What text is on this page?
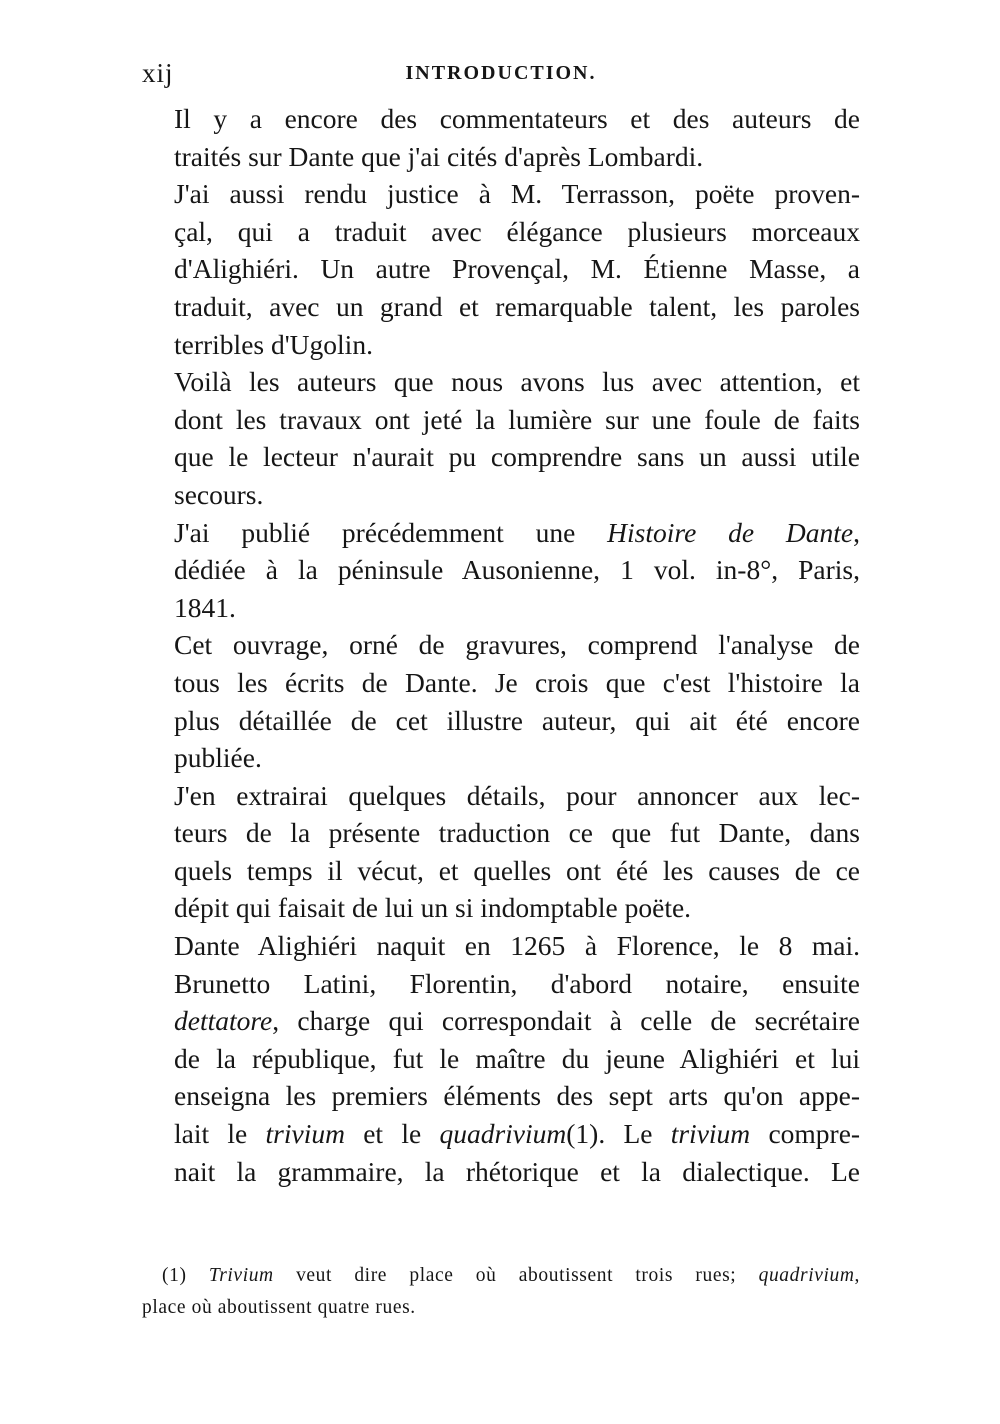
xij	INTRODUCTION.

Il y a encore des commentateurs et des auteurs de
traités sur Dante que j'ai cités d'après Lombardi.

J'ai aussi rendu justice à M. Terrasson, poëte proven-
çal, qui a traduit avec élégance plusieurs morceaux
d'Alighiéri. Un autre Provençal, M. Étienne Masse, a
traduit, avec un grand et remarquable talent, les paroles
terribles d'Ugolin.

Voilà les auteurs que nous avons lus avec attention, et
dont les travaux ont jeté la lumière sur une foule de faits
que le lecteur n'aurait pu comprendre sans un aussi utile
secours.

J'ai publié précédemment une Histoire de Dante,
dédiée à la péninsule Ausonienne, 1 vol. in-8°, Paris,
1841.

Cet ouvrage, orné de gravures, comprend l'analyse de
tous les écrits de Dante. Je crois que c'est l'histoire la
plus détaillée de cet illustre auteur, qui ait été encore
publiée.

J'en extrairai quelques détails, pour annoncer aux lec-
teurs de la présente traduction ce que fut Dante, dans
quels temps il vécut, et quelles ont été les causes de ce
dépit qui faisait de lui un si indomptable poëte.

Dante Alighiéri naquit en 1265 à Florence, le 8 mai.
Brunetto Latini, Florentin, d'abord notaire, ensuite
dettatore, charge qui correspondait à celle de secrétaire
de la république, fut le maître du jeune Alighiéri et lui
enseigna les premiers éléments des sept arts qu'on appe-
lait le trivium et le quadrivium(1). Le trivium compre-
nait la grammaire, la rhétorique et la dialectique. Le

(1) Trivium veut dire place où aboutissent trois rues; quadrivium,
place où aboutissent quatre rues.
